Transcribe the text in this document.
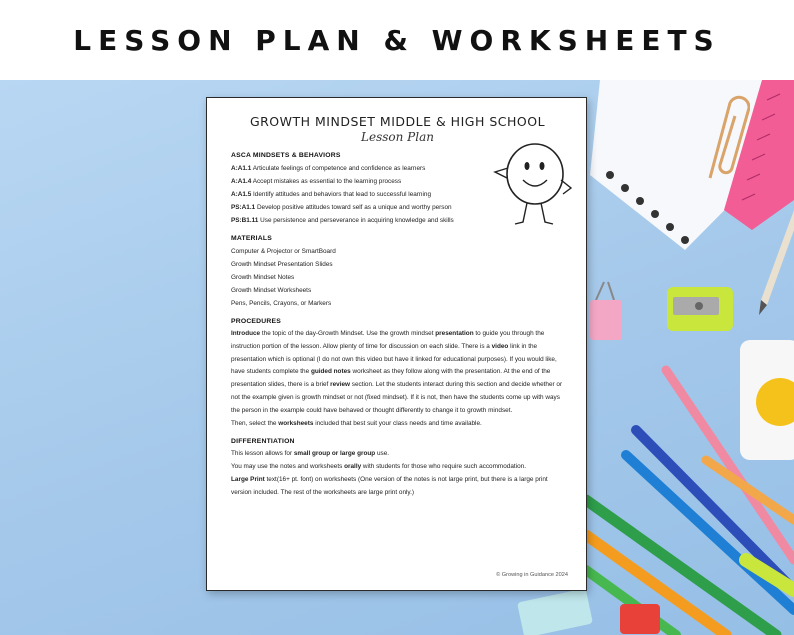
LESSON PLAN & WORKSHEETS

GROWTH MINDSET MIDDLE & HIGH SCHOOL

Lesson Plan

ASCA MINDSETS & BEHAVIORS

A:A1.1 Articulate feelings of competence and confidence as learners

A:A1.4 Accept mistakes as essential to the learning process

A:A1.5 Identify attitudes and behaviors that lead to successful learning

PS:A1.1 Develop positive attitudes toward self as a unique and worthy person

PS:B1.11 Use persistence and perseverance in acquiring knowledge and skills

MATERIALS

Computer & Projector or SmartBoard

Growth Mindset Presentation Slides

Growth Mindset Notes

Growth Mindset Worksheets

Pens, Pencils, Crayons, or Markers

PROCEDURES

Introduce the topic of the day-Growth Mindset. Use the growth mindset presentation to guide you through the instruction portion of the lesson. Allow plenty of time for discussion on each slide. There is a video link in the presentation which is optional (I do not own this video but have it linked for educational purposes). If you would like, have students complete the guided notes worksheet as they follow along with the presentation. At the end of the presentation slides, there is a brief review section. Let the students interact during this section and decide whether or not the example given is growth mindset or not (fixed mindset). If it is not, then have the students come up with ways the person in the example could have behaved or thought differently to change it to growth mindset.

Then, select the worksheets included that best suit your class needs and time available.

DIFFERENTIATION

This lesson allows for small group or large group use.

You may use the notes and worksheets orally with students for those who require such accommodation.

Large Print text(16+ pt. font) on worksheets (One version of the notes is not large print, but there is a large print version included. The rest of the worksheets are large print only.)

© Growing in Guidance 2024
